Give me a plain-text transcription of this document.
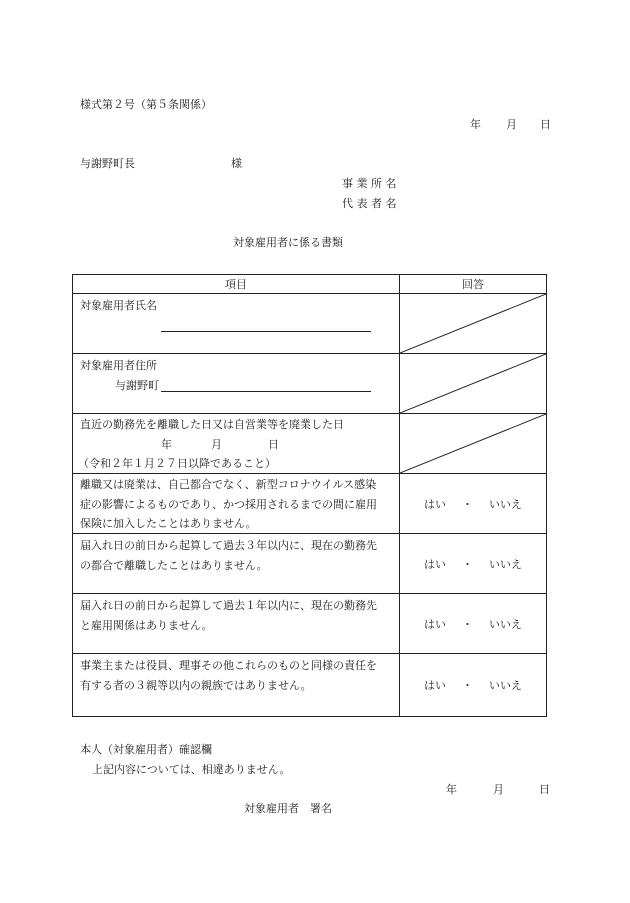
様式第２号（第５条関係）
年 月 日
与謝野町長	様
事 業 所 名
代 表 者 名
対象雇用者に係る書類
項目	回答

対象雇用者氏名

対象雇用者住所
与謝野町

直近の勤務先を離職した日又は自営業等を廃業した日
年 月 日
（令和２年１月２７日以降であること）

離職又は廃業は、自己都合でなく、新型コロナウイルス感染
症の影響によるものであり、かつ採用されるまでの間に雇用
保険に加入したことはありません。	はい ・ いいえ

届入れ日の前日から起算して過去３年以内に、現在の勤務先
の都合で離職したことはありません。	はい ・ いいえ

届入れ日の前日から起算して過去１年以内に、現在の勤務先
と雇用関係はありません。	はい ・ いいえ

事業主または役員、理事その他これらのものと同様の責任を
有する者の３親等以内の親族ではありません。	はい ・ いいえ
本人（対象雇用者）確認欄
上記内容については、相違ありません。
年	月	日
対象雇用者　署名
